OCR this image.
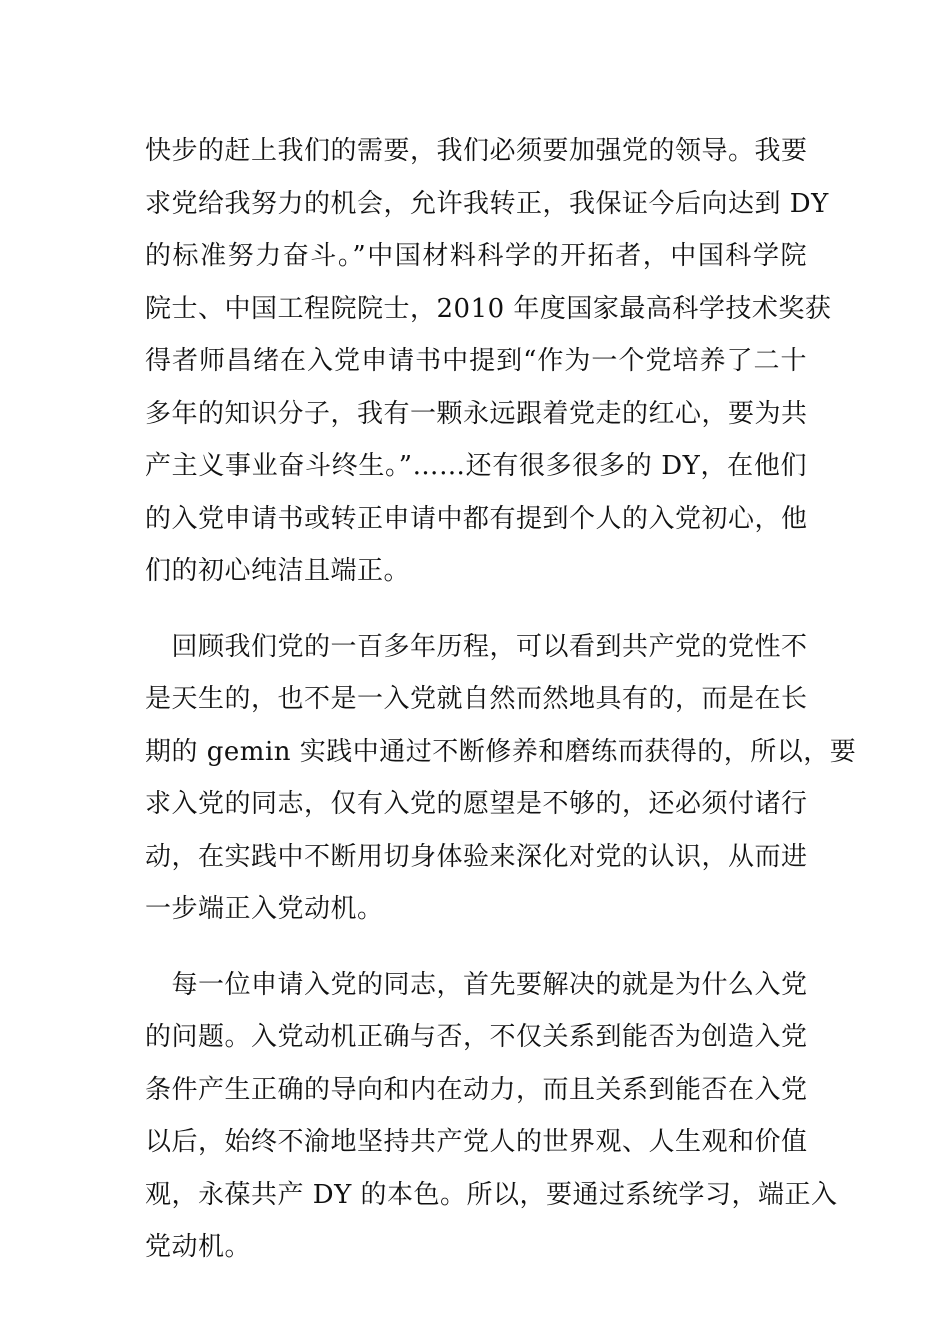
快步的赶上我们的需要，我们必须要加强党的领导。我要
求党给我努力的机会，允许我转正，我保证今后向达到 DY
的标准努力奋斗。”中国材料科学的开拓者，中国科学院
院士、中国工程院院士，2010 年度国家最高科学技术奖获
得者师昌绪在入党申请书中提到“作为一个党培养了二十
多年的知识分子，我有一颗永远跟着党走的红心，要为共
产主义事业奋斗终生。”……还有很多很多的 DY，在他们
的入党申请书或转正申请中都有提到个人的入党初心，他
们的初心纯洁且端正。
　回顾我们党的一百多年历程，可以看到共产党的党性不
是天生的，也不是一入党就自然而然地具有的，而是在长
期的 gemin 实践中通过不断修养和磨练而获得的，所以，要
求入党的同志，仅有入党的愿望是不够的，还必须付诸行
动，在实践中不断用切身体验来深化对党的认识，从而进
一步端正入党动机。
　每一位申请入党的同志，首先要解决的就是为什么入党
的问题。入党动机正确与否，不仅关系到能否为创造入党
条件产生正确的导向和内在动力，而且关系到能否在入党
以后，始终不渝地坚持共产党人的世界观、人生观和价值
观，永葆共产 DY 的本色。所以，要通过系统学习，端正入
党动机。
